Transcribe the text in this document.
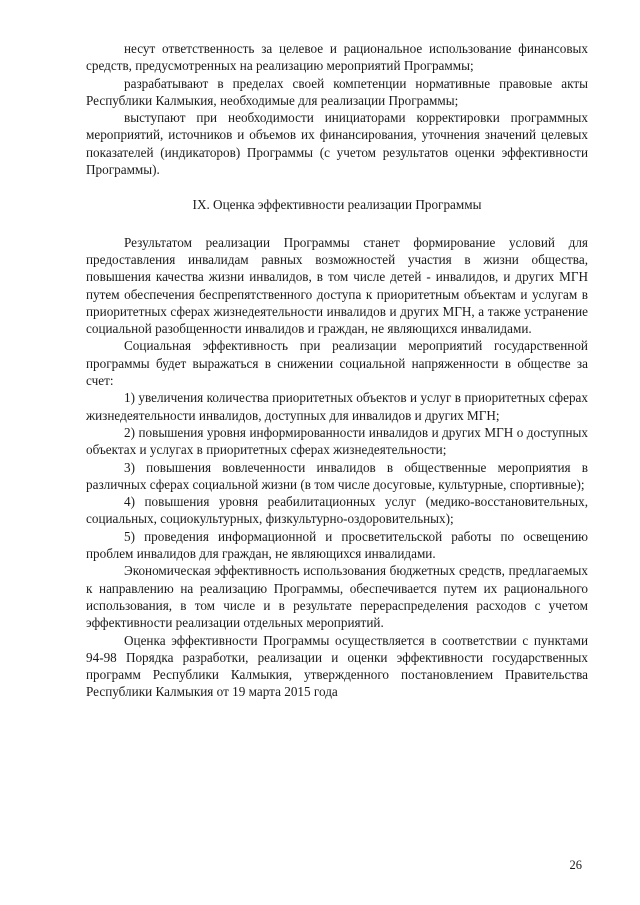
несут ответственность за целевое и рациональное использование финансовых средств, предусмотренных на реализацию мероприятий Программы;

разрабатывают в пределах своей компетенции нормативные правовые акты Республики Калмыкия, необходимые для реализации Программы;

выступают при необходимости инициаторами корректировки программных мероприятий, источников и объемов их финансирования, уточнения значений целевых показателей (индикаторов) Программы (с учетом результатов оценки эффективности Программы).

IX. Оценка эффективности реализации Программы

Результатом реализации Программы станет формирование условий для предоставления инвалидам равных возможностей участия в жизни общества, повышения качества жизни инвалидов, в том числе детей - инвалидов, и других МГН путем обеспечения беспрепятственного доступа к приоритетным объектам и услугам в приоритетных сферах жизнедеятельности инвалидов и других МГН, а также устранение социальной разобщенности инвалидов и граждан, не являющихся инвалидами.

Социальная эффективность при реализации мероприятий государственной программы будет выражаться в снижении социальной напряженности в обществе за счет:

1) увеличения количества приоритетных объектов и услуг в приоритетных сферах жизнедеятельности инвалидов, доступных для инвалидов и других МГН;

2) повышения уровня информированности инвалидов и других МГН о доступных объектах и услугах в приоритетных сферах жизнедеятельности;

3) повышения вовлеченности инвалидов в общественные мероприятия в различных сферах социальной жизни (в том числе досуговые, культурные, спортивные);

4) повышения уровня реабилитационных услуг (медико-восстановительных, социальных, социокультурных, физкультурно-оздоровительных);

5) проведения информационной и просветительской работы по освещению проблем инвалидов для граждан, не являющихся инвалидами.

Экономическая эффективность использования бюджетных средств, предлагаемых к направлению на реализацию Программы, обеспечивается путем их рационального использования, в том числе и в результате перераспределения расходов с учетом эффективности реализации отдельных мероприятий.

Оценка эффективности Программы осуществляется в соответствии с пунктами 94-98 Порядка разработки, реализации и оценки эффективности государственных программ Республики Калмыкия, утвержденного постановлением Правительства Республики Калмыкия от 19 марта 2015 года

26
